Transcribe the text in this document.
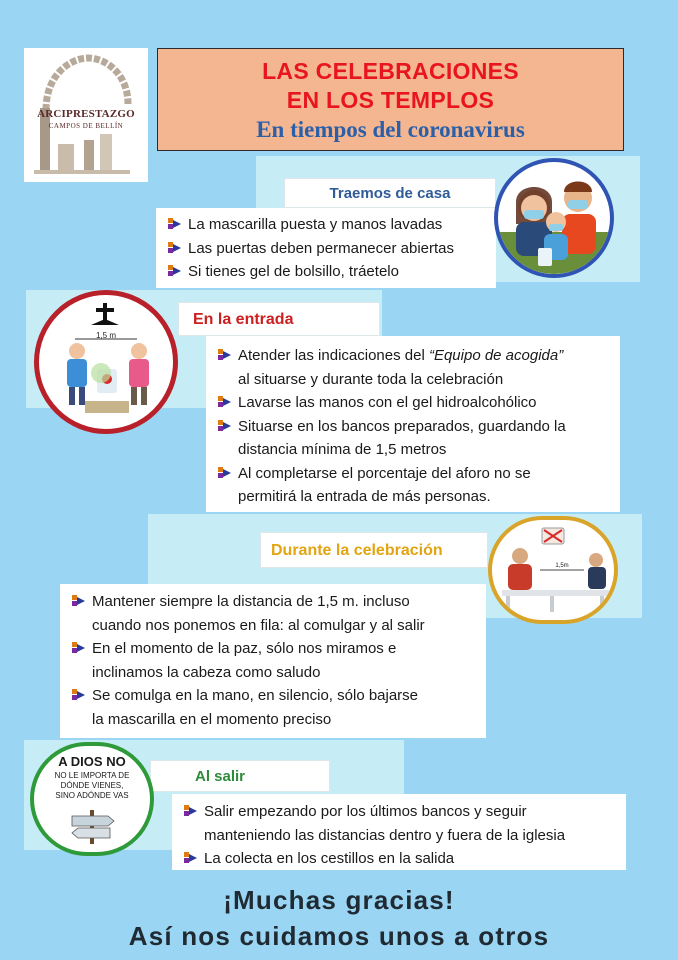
ARCIPRESTAZGO
CAMPOS DE BELLÍN
LAS CELEBRACIONES
EN LOS TEMPLOS
En tiempos del coronavirus
Traemos de casa
La mascarilla puesta y manos lavadas
Las puertas deben permanecer abiertas
Si tienes gel de bolsillo, tráetelo
En la entrada
1,5 m
Atender las indicaciones del “Equipo de acogida”
al situarse y durante toda la celebración
Lavarse las manos con el gel hidroalcohólico
Situarse en los bancos preparados, guardando la
distancia mínima de 1,5 metros
Al completarse el porcentaje del aforo no se
permitirá la entrada de más personas.
Durante la celebración
1,5m
Mantener siempre la distancia de 1,5 m. incluso
cuando nos ponemos en fila: al comulgar y al salir
En el momento de la paz, sólo nos miramos e
inclinamos la cabeza como saludo
Se comulga en la mano, en silencio, sólo bajarse
la mascarilla en el momento preciso
Al salir
A DIOS NO
NO LE IMPORTA DE
DÓNDE VIENES,
SINO ADÓNDE VAS
Salir empezando por los últimos bancos y seguir
manteniendo las distancias dentro y fuera de la iglesia
La colecta en los cestillos en la salida
¡Muchas gracias!
Así nos cuidamos unos a otros
